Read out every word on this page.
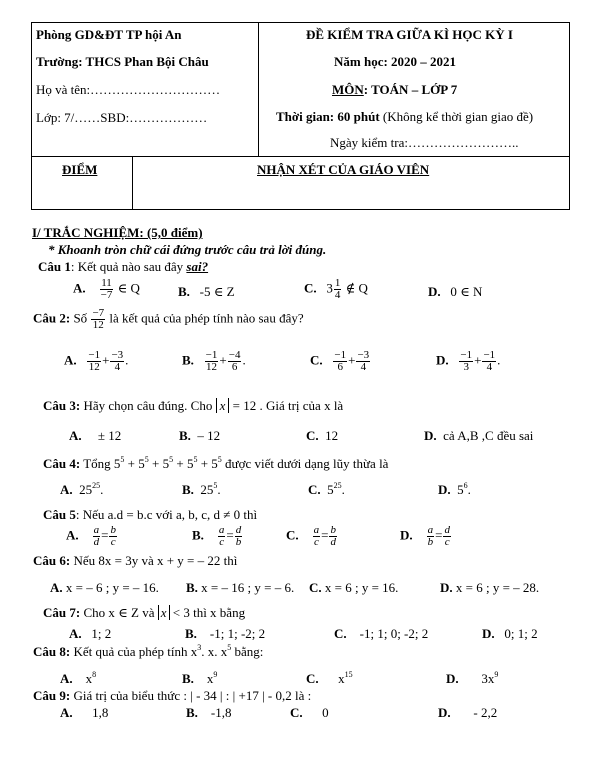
Phòng GD&ĐT TP hội An
Trường: THCS Phan Bội Châu
Họ và tên:…………………………
Lớp: 7/……SBD:………………
ĐỀ KIỂM TRA GIỮA KÌ HỌC KỲ I
Năm học: 2020 – 2021
MÔN: TOÁN – LỚP 7
Thời gian: 60 phút (Không kể thời gian giao đề)
Ngày kiểm tra:……………………..
ĐIỂM	NHẬN XÉT CỦA GIÁO VIÊN
I/ TRẮC NGHIỆM: (5,0 điểm)
* Khoanh tròn chữ cái đứng trước câu trả lời đúng.
Câu 1: Kết quả nào sau đây sai?
A. $\frac{11}{-7}$ ∈ Q	B. -5 ∈ Z	C. $3 \frac{1}{4}$ ∉ Q	D. 0 ∈ N
Câu 2: Số $\frac{-7}{12}$ là kết quả của phép tính nào sau đây?
A. $\frac{-1}{12} + \frac{-3}{4}$ .	B. $\frac{-1}{12} + \frac{-4}{6}$ .	C. $\frac{-1}{6} + \frac{-3}{4}$	D. $\frac{-1}{3} + \frac{-1}{4}$ .
Câu 3: Hãy chọn câu đúng. Cho x = 12 . Giá trị của x là
A. ± 12	B. – 12	C. 12	D. cả A,B ,C đều sai
Câu 4: Tổng $5^5 + 5^5 + 5^5 + 5^5 + 5^5$ được viết dưới dạng lũy thừa là
A. $25^{25}$.	B. $25^5$.	C. $5^{25}$.	D. $5^6$.
Câu 5: Nếu a.d = b.c với a, b, c, d ≠ 0 thì
A. $\frac{a}{d} = \frac{b}{c}$	B. $\frac{a}{c} = \frac{d}{b}$	C. $\frac{a}{c} = \frac{b}{d}$	D. $\frac{a}{b} = \frac{d}{c}$
Câu 6: Nếu 8x = 3y và x + y = – 22 thì
A. x = – 6 ; y = – 16. B. x = – 16 ; y = – 6. C. x = 6 ; y = 16.	D. x = 6 ; y = – 28.
Câu 7: Cho x ∈ Z và x < 3 thì x bằng
A. 1; 2	B. -1; 1; -2; 2	C. -1; 1; 0; -2; 2	D. 0; 1; 2
Câu 8: Kết quả của phép tính $x^3$. x. $x^5$ bằng:
A. $x^8$	B. $x^9$	C. $x^{15}$	D. $3x^9$
Câu 9: Giá trị của biểu thức : | - 34 | : | +17 | - 0,2 là :
A. 1,8	B. -1,8	C. 0	D. - 2,2
